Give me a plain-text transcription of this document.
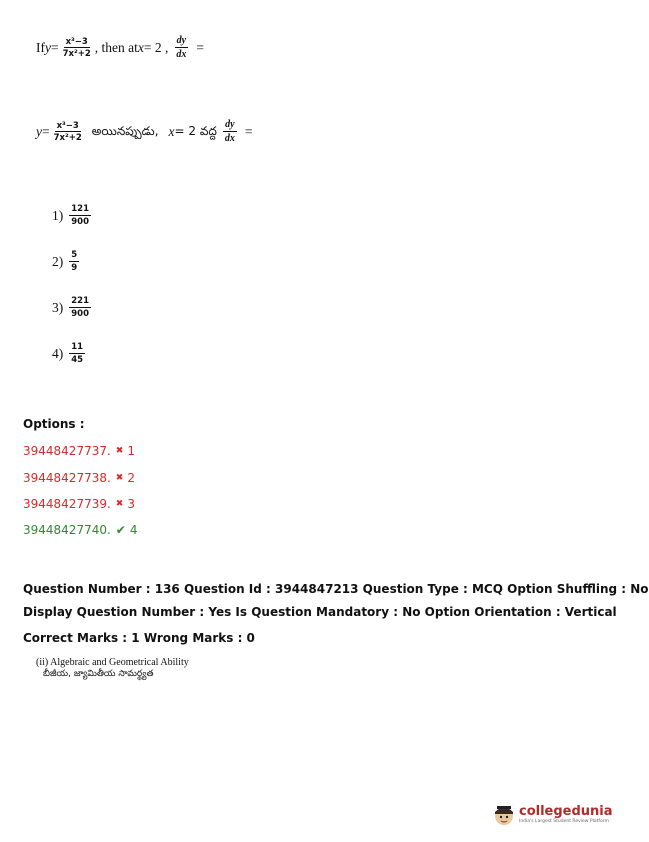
If $y = \frac{\text{x³−3}}{\text{7x²+2}}$ , then at x = 2 , $\frac{dy}{dx}$ =
$y = \frac{\text{x³−3}}{\text{7x²+2}}$ అయినప్పుడు, x = 2 వద్ద $\frac{dy}{dx}$ =
$1) \frac{121}{900}$
$2) \frac{5}{9}$
$3) \frac{221}{900}$
$4) \frac{11}{45}$
Options :
39448427737. ✖ 1
39448427738. ✖ 2
39448427739. ✖ 3
39448427740. ✔ 4
Question Number : 136 Question Id : 3944847213 Question Type : MCQ Option Shuffling : No
Display Question Number : Yes Is Question Mandatory : No Option Orientation : Vertical
Correct Marks : 1 Wrong Marks : 0
(ii) Algebraic and Geometrical Ability
బీజీయ, జ్యామితీయ సామర్థ్యత
collegedunia
India's Largest Student Review Platform
